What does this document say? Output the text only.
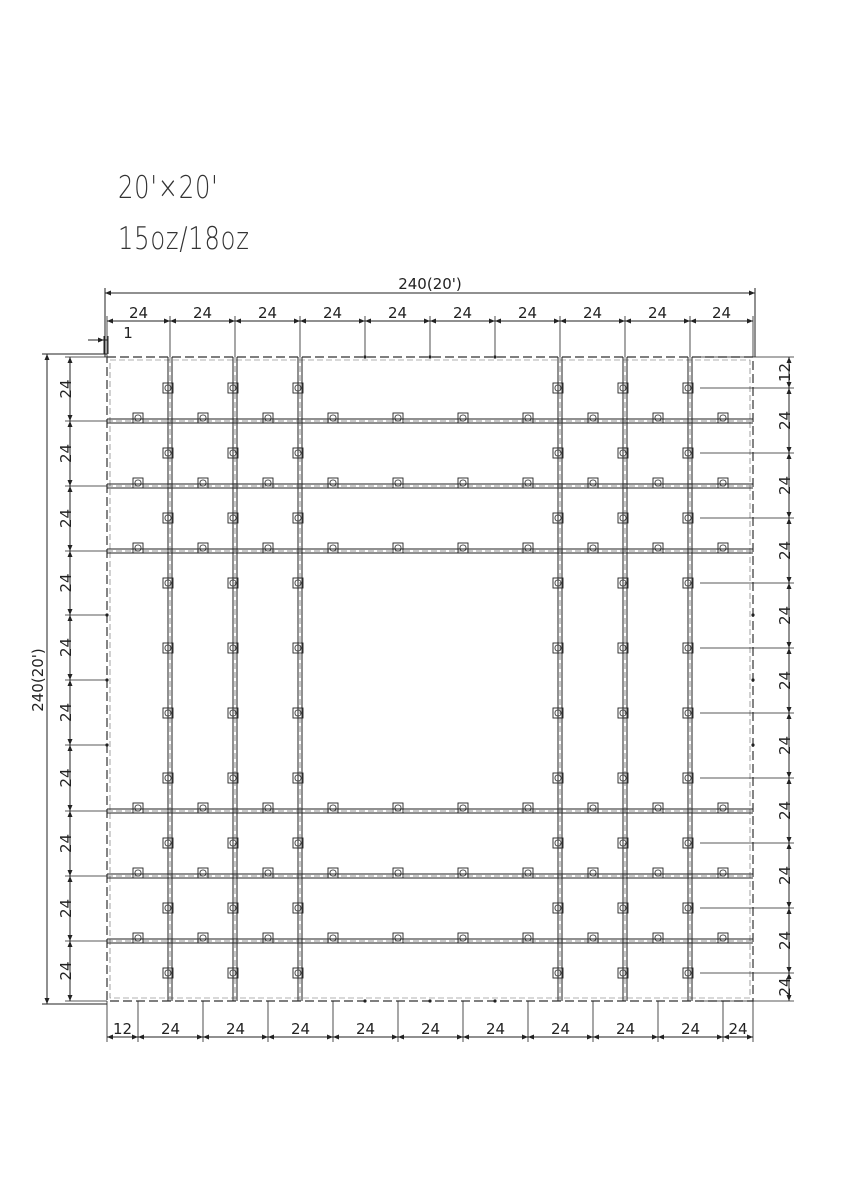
20'×20'
15oz/18oz
240(20')
24	24	24	24	24	24	24	24	24	24
1
240(20')
24
24
24
24
24
24
24
24
24
24
12
24
24
24
24
24
24
24
24
24
24
12 24	24	24	24	24	24	24	24	24 24
